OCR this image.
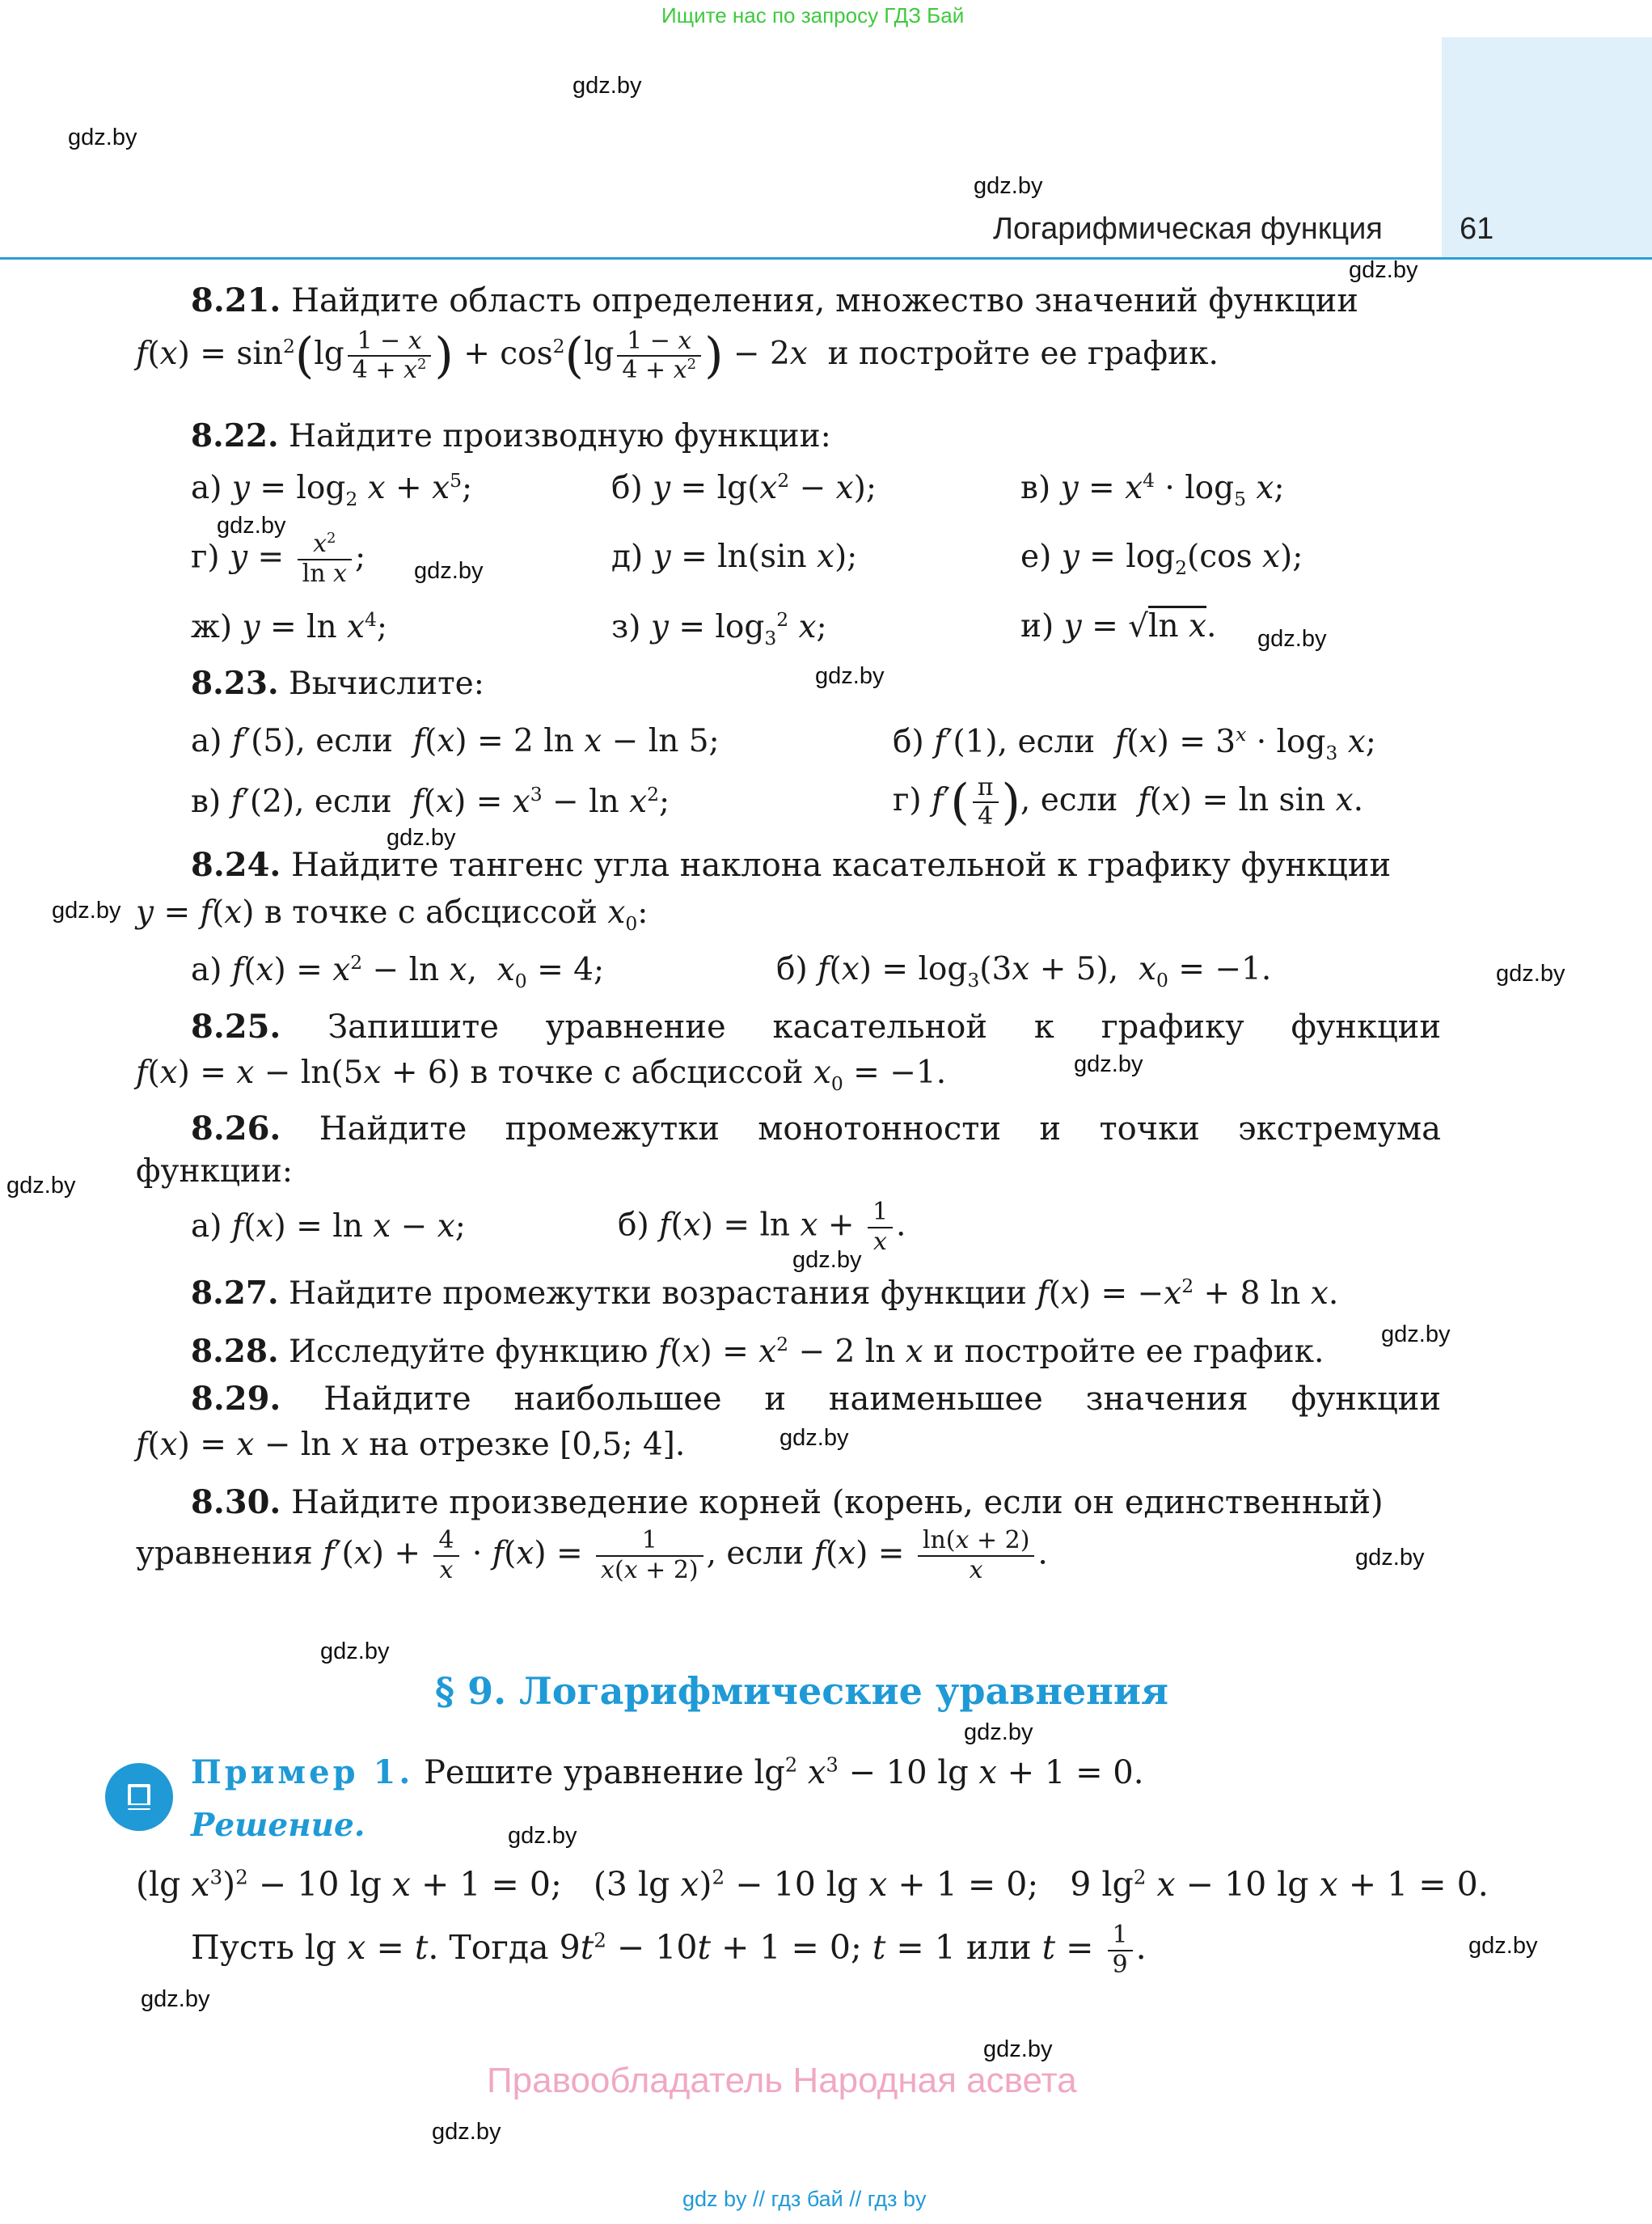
Ищите нас по запросу ГДЗ Бай
Логарифмическая функция	61
gdz.by
gdz.by
gdz.by
gdz.by
gdz.by
gdz.by
gdz.by
gdz.by
gdz.by
gdz.by
gdz.by
gdz.by
gdz.by
gdz.by
gdz.by
gdz.by
gdz.by
gdz.by
gdz.by
gdz.by
gdz.by
gdz.by
gdz.by
gdz.by
8.21. Найдите область определения, множество значений функции
$f(x) = \sin^2(\lg \frac{1 - x}{4 + x^2}$ ) + $\cos^2(\lg \frac{1 - x}{4 + x^2}$ ) − 2x и постройте ее график.
8.22. Найдите производную функции:
а) $y = \log_2 x + x^5$;	б) $y = \lg(x^2 - x)$;	в) $y = x^4 \cdot \log_5 x$;
г) $y = \frac{x^2}{\text{ln x}}$ ;	д) y = ln(sin x);	е) $y = \log_2(\cos$ x);
ж) $y = \ln x^4$;	з) $y = \log_3^2 x$;	и) y = √ln x.
8.23. Вычислите:
а) f′(5), если f(x) = 2 ln x − ln 5;	б) f′(1), если $f(x) = 3^x \cdot \log_3 x$;
в) f′(2), если $f(x) = x^3 - \ln x^2$;	г) $f'( \frac{\pi}{4}$ ), если f(x) = ln sin x.
8.24. Найдите тангенс угла наклона касательной к графику функции
y = f(x) в точке с абсциссой $x_0$:
а) $f(x) = x^2 - \ln x$,  $x_0 = 4$;	б) $f(x) = \log_3(3x + 5)$,  $x_0 = -1$.
8.25. Запишите уравнение касательной к графику функции
f(x) = x − ln(5x + 6) в точке с абсциссой $x_0 = -1$.
8.26. Найдите промежутки монотонности и точки экстремума
функции:
а) f(x) = ln x − x;	б) $f(x) = \ln x + \frac{1}{x}$ .
8.27. Найдите промежутки возрастания функции $f(x) = -x^2 + 8$ ln x.
8.28. Исследуйте функцию $f(x) = x^2 - 2$ ln x и постройте ее график.
8.29. Найдите наибольшее и наименьшее значения функции
f(x) = x − ln x на отрезке [0,5; 4].
8.30. Найдите произведение корней (корень, если он единственный)
уравнения $f'(x) + \frac{4}{x} \cdot f(x) = \frac{1}{x(x + 2)}$ , если $f(x) = \frac{\ln(x + 2)}{x}$ .
§ 9. Логарифмические уравнения
Пример 1. Решите уравнение $\lg^2 x^3 - 10$ lg x + 1 = 0.
Решение.
(lg $x^3)^2 - 10$ lg x + 1 = 0;   (3 lg x)$^2$ − 10 lg x + 1 = 0;   9 $\lg^2 x - 10$ lg x + 1 = 0.
Пусть lg x = t. Тогда $9t^2 - 10t + 1 = 0$; t = 1 или $t = \frac{1}{9}$ .
Правообладатель Народная асвета
gdz by // гдз бай // гдз by
